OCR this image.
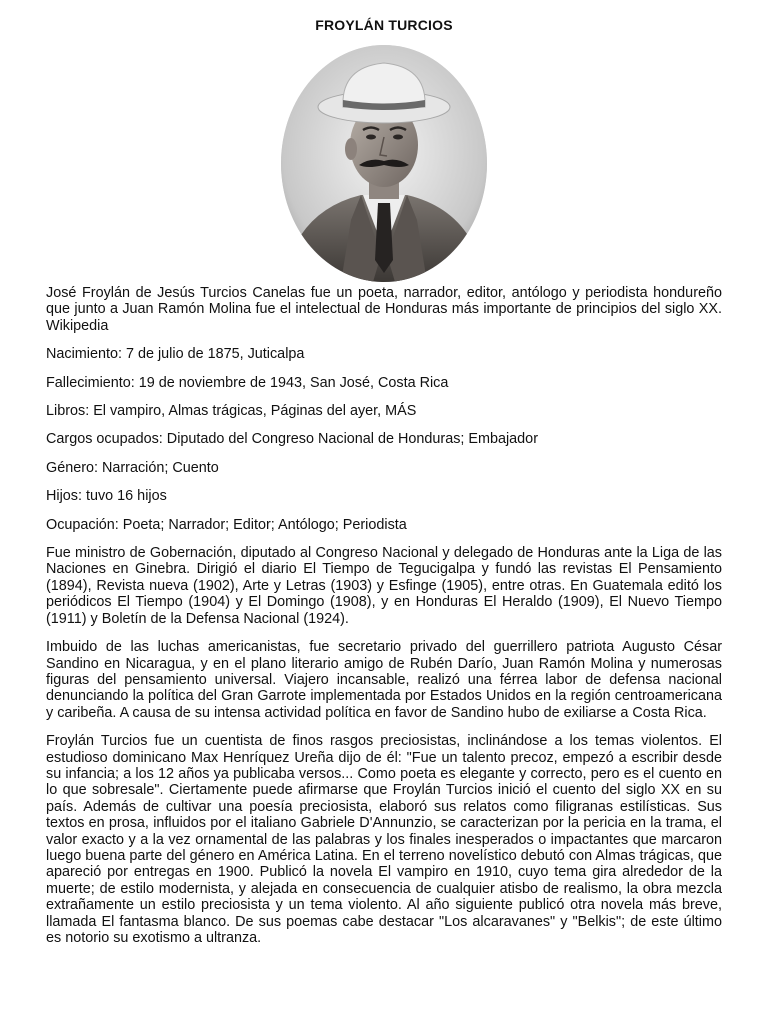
FROYLÁN TURCIOS

José Froylán de Jesús Turcios Canelas fue un poeta, narrador, editor, antólogo y periodista hondureño que junto a Juan Ramón Molina fue el intelectual de Honduras más importante de principios del siglo XX. Wikipedia

Nacimiento: 7 de julio de 1875, Juticalpa
Fallecimiento: 19 de noviembre de 1943, San José, Costa Rica
Libros: El vampiro, Almas trágicas, Páginas del ayer, MÁS
Cargos ocupados: Diputado del Congreso Nacional de Honduras; Embajador
Género: Narración; Cuento
Hijos: tuvo 16 hijos
Ocupación: Poeta; Narrador; Editor; Antólogo; Periodista

Fue ministro de Gobernación, diputado al Congreso Nacional y delegado de Honduras ante la Liga de las Naciones en Ginebra. Dirigió el diario El Tiempo de Tegucigalpa y fundó las revistas El Pensamiento (1894), Revista nueva (1902), Arte y Letras (1903) y Esfinge (1905), entre otras. En Guatemala editó los periódicos El Tiempo (1904) y El Domingo (1908), y en Honduras El Heraldo (1909), El Nuevo Tiempo (1911) y Boletín de la Defensa Nacional (1924).

Imbuido de las luchas americanistas, fue secretario privado del guerrillero patriota Augusto César Sandino en Nicaragua, y en el plano literario amigo de Rubén Darío, Juan Ramón Molina y numerosas figuras del pensamiento universal. Viajero incansable, realizó una férrea labor de defensa nacional denunciando la política del Gran Garrote implementada por Estados Unidos en la región centroamericana y caribeña. A causa de su intensa actividad política en favor de Sandino hubo de exiliarse a Costa Rica.

Froylán Turcios fue un cuentista de finos rasgos preciosistas, inclinándose a los temas violentos. El estudioso dominicano Max Henríquez Ureña dijo de él: "Fue un talento precoz, empezó a escribir desde su infancia; a los 12 años ya publicaba versos... Como poeta es elegante y correcto, pero es el cuento en lo que sobresale". Ciertamente puede afirmarse que Froylán Turcios inició el cuento del siglo XX en su país. Además de cultivar una poesía preciosista, elaboró sus relatos como filigranas estilísticas. Sus textos en prosa, influidos por el italiano Gabriele D'Annunzio, se caracterizan por la pericia en la trama, el valor exacto y a la vez ornamental de las palabras y los finales inesperados o impactantes que marcaron luego buena parte del género en América Latina. En el terreno novelístico debutó con Almas trágicas, que apareció por entregas en 1900. Publicó la novela El vampiro en 1910, cuyo tema gira alrededor de la muerte; de estilo modernista, y alejada en consecuencia de cualquier atisbo de realismo, la obra mezcla extrañamente un estilo preciosista y un tema violento. Al año siguiente publicó otra novela más breve, llamada El fantasma blanco. De sus poemas cabe destacar "Los alcaravanes" y "Belkis"; de este último es notorio su exotismo a ultranza.
